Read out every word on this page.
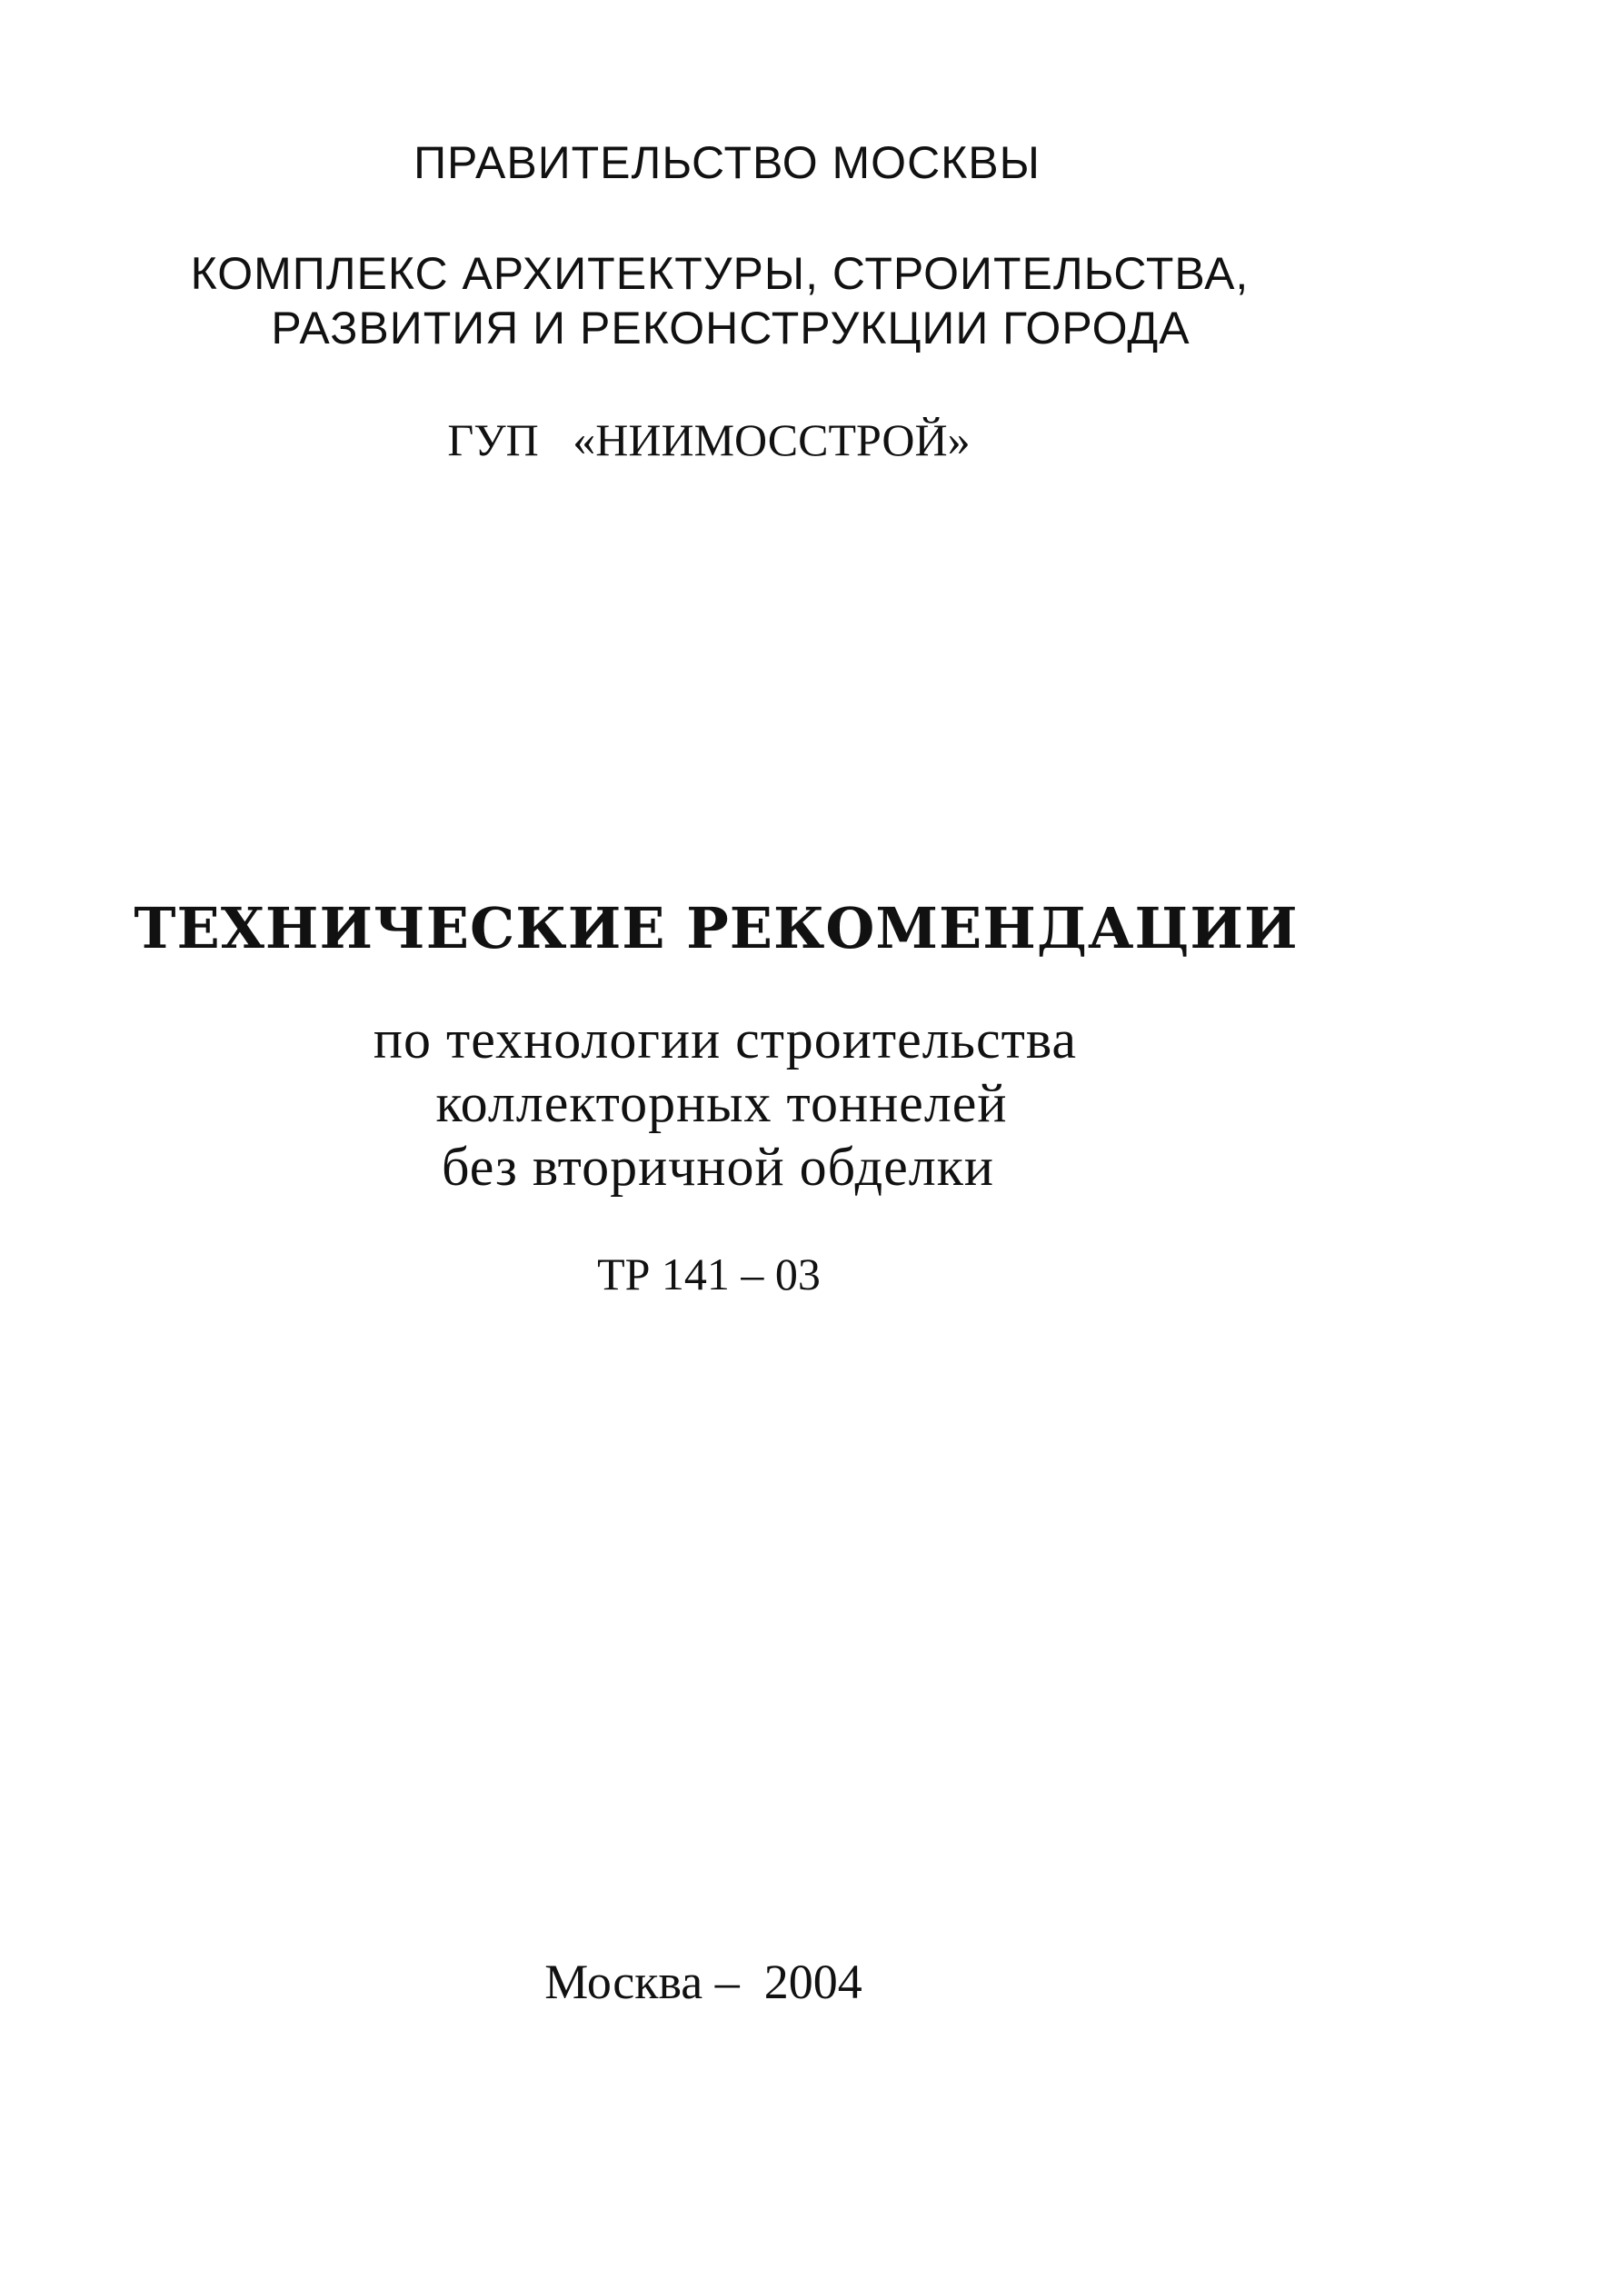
ПРАВИТЕЛЬСТВО МОСКВЫ

КОМПЛЕКС АРХИТЕКТУРЫ, СТРОИТЕЛЬСТВА,

РАЗВИТИЯ И РЕКОНСТРУКЦИИ ГОРОДА

ГУП   «НИИМОССТРОЙ»

ТЕХНИЧЕСКИЕ РЕКОМЕНДАЦИИ

по технологии строительства

коллекторных тоннелей

без вторичной обделки

ТР 141 – 03

Москва –  2004
